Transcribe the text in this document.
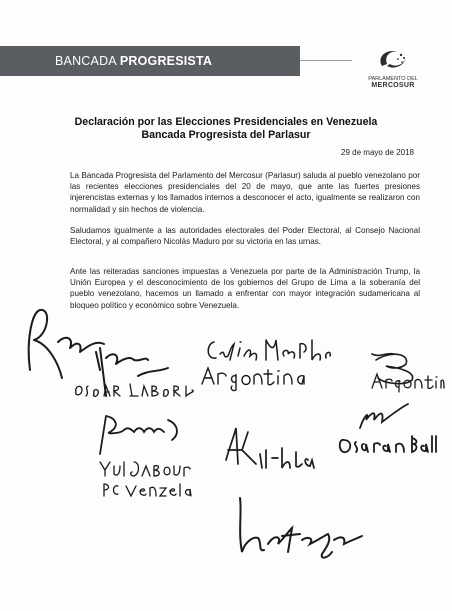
BANCADA PROGRESISTA
PARLAMENTO DEL
MERCOSUR
Declaración por las Elecciones Presidenciales en Venezuela
Bancada Progresista del Parlasur
29 de mayo de 2018

La Bancada Progresista del Parlamento del Mercosur (Parlasur) saluda al pueblo venezolano por las recientes elecciones presidenciales del 20 de mayo, que ante las fuertes presiones injerencistas externas y los llamados internos a desconocer el acto, igualmente se realizaron con normalidad y sin hechos de violencia.

Saludamos igualmente a las autoridades electorales del Poder Electoral, al Consejo Nacional Electoral, y al compañero Nicolás Maduro por su victoria en las urnas.

Ante las reiteradas sanciones impuestas a Venezuela por parte de la Administración Trump, la Unión Europea y el desconocimiento de los gobiernos del Grupo de Lima a la soberanía del pueblo venezolano, hacemos un llamado a enfrentar con mayor integración sudamericana al bloqueo político y económico sobre Venezuela.
